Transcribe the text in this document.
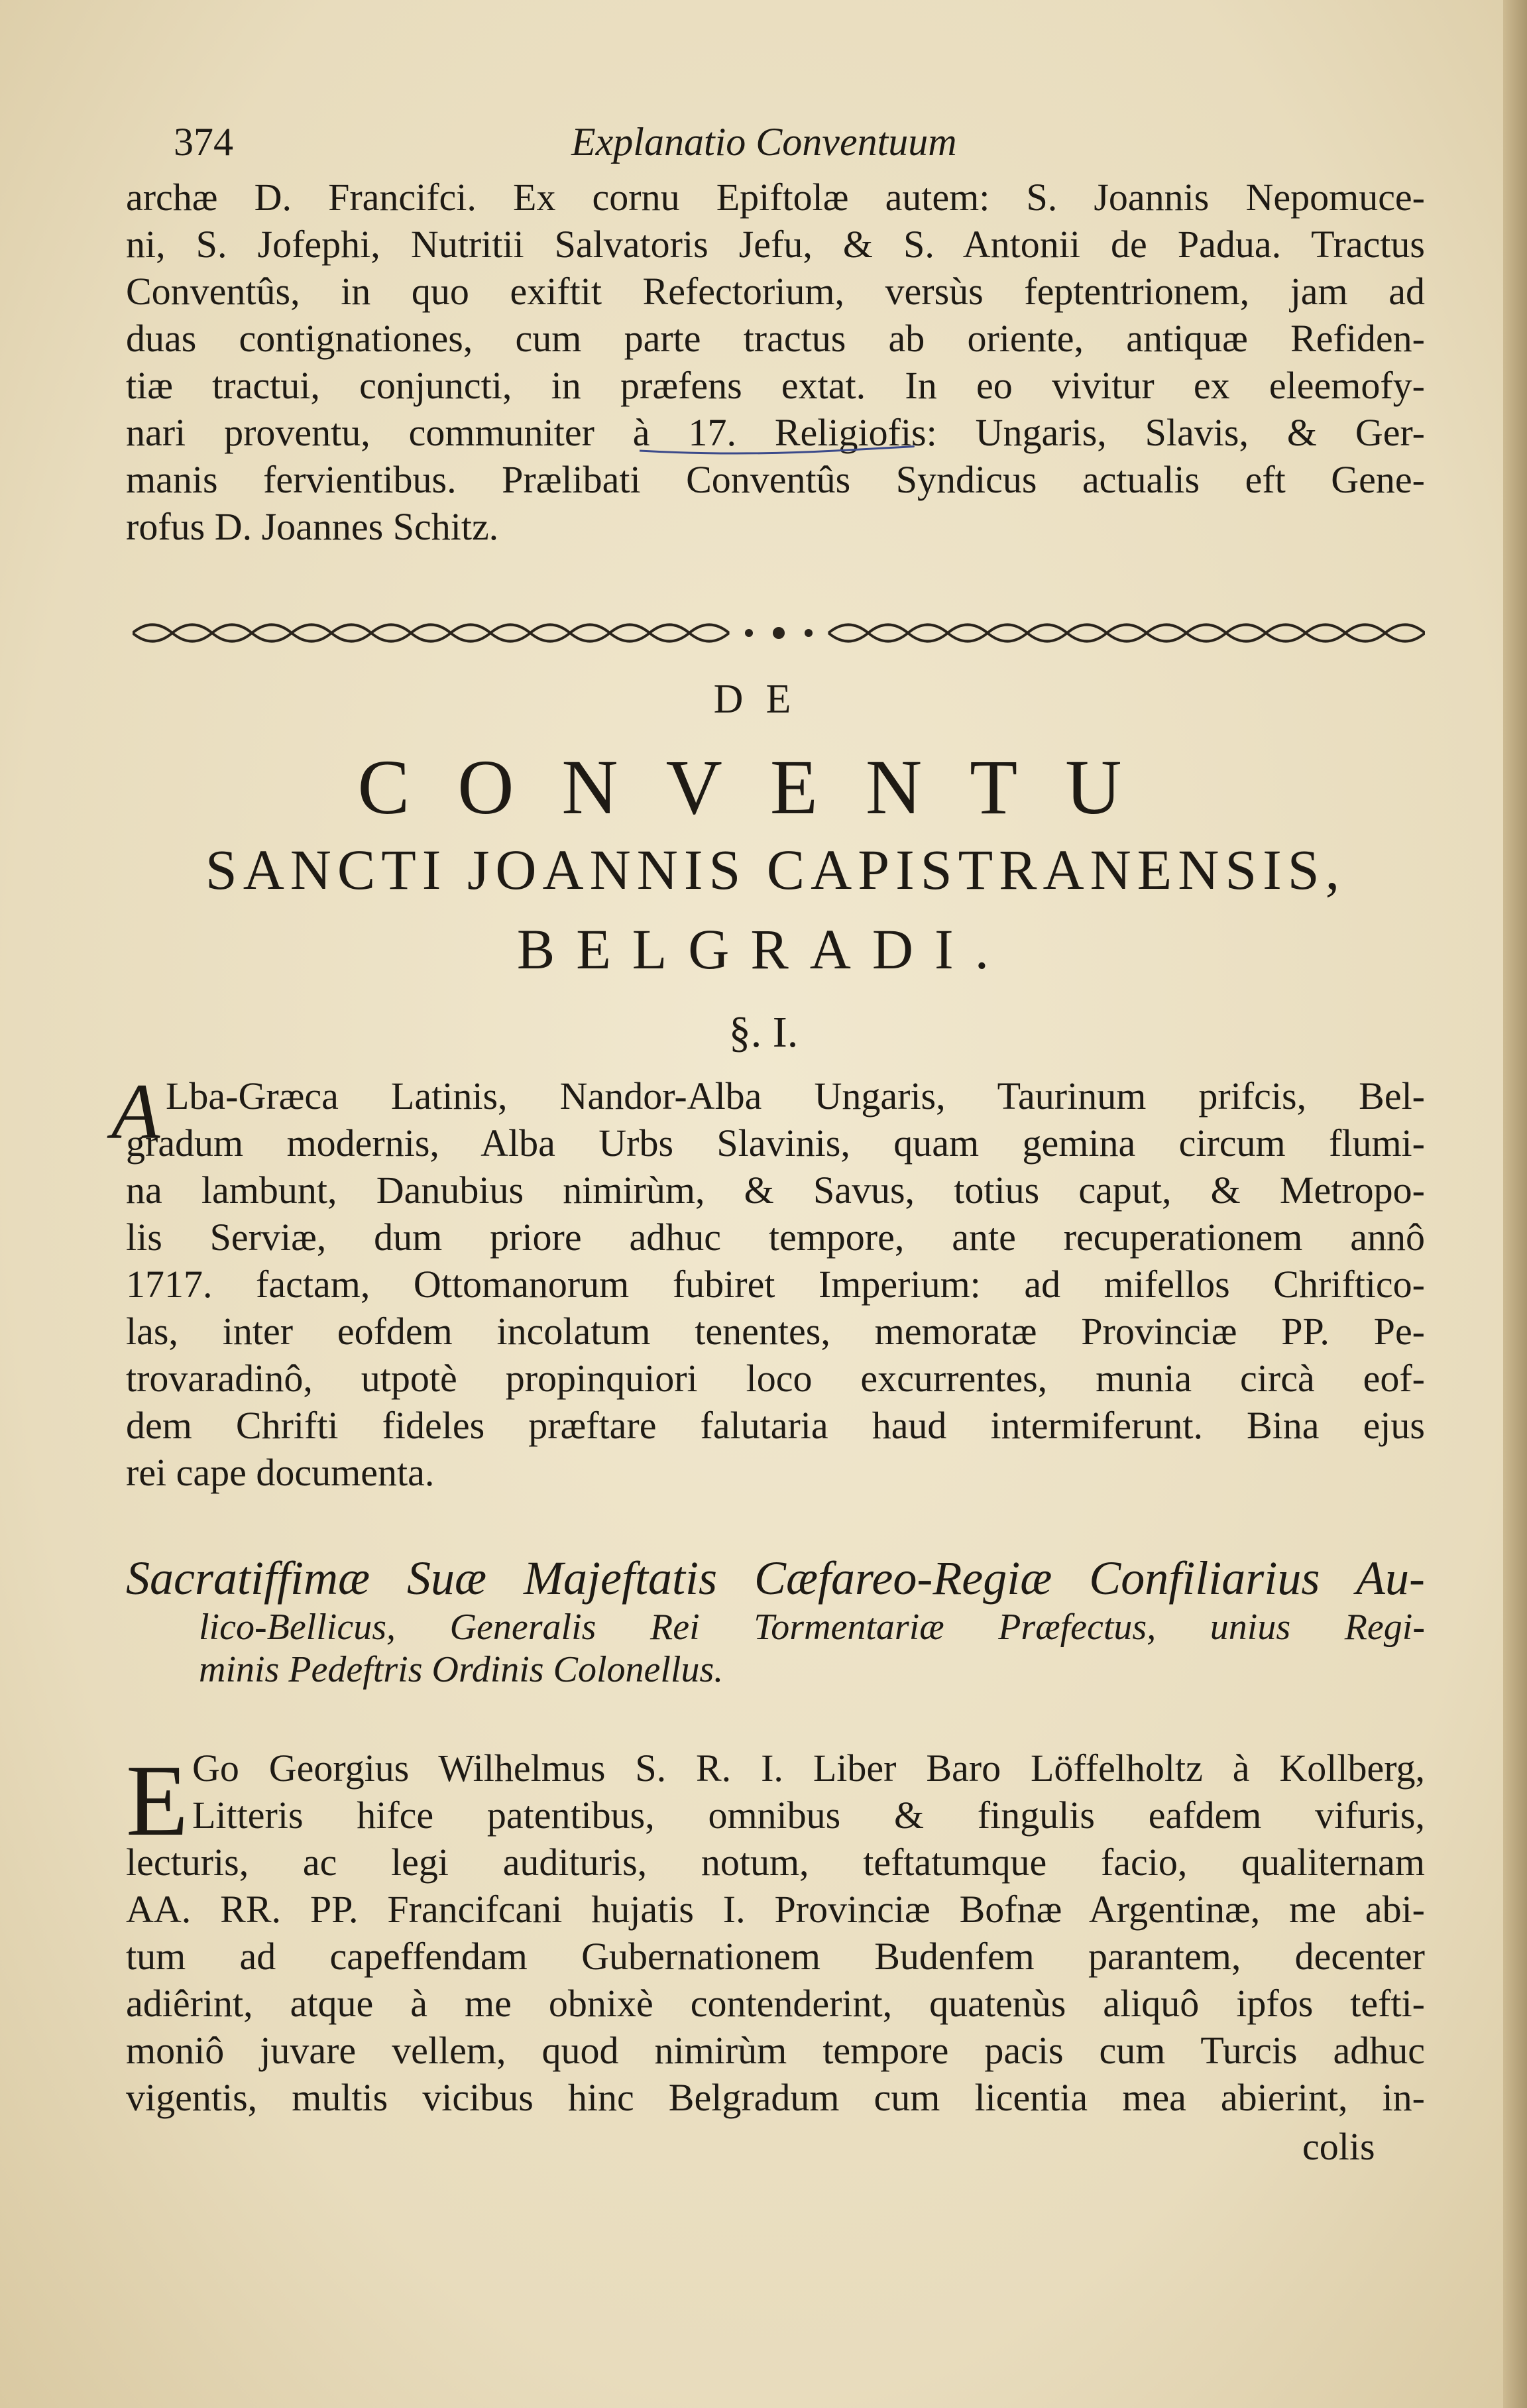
374	Explanatio Conventuum
archæ D. Francifci. Ex cornu Epiftolæ autem: S. Joannis Nepomuce-
ni, S. Jofephi, Nutritii Salvatoris Jefu, & S. Antonii de Padua. Tractus
Conventûs, in quo exiftit Refectorium, versùs feptentrionem, jam ad
duas contignationes, cum parte tractus ab oriente, antiquæ Refiden-
tiæ tractui, conjuncti, in præfens extat. In eo vivitur ex eleemofy-
nari proventu, communiter à 17. Religiofis: Ungaris, Slavis, & Ger-
manis fervientibus. Prælibati Conventûs Syndicus actualis eft Gene-
rofus D. Joannes Schitz.
DE
CONVENTU
SANCTI JOANNIS CAPISTRANENSIS,
BELGRADI.
§. I.
A Lba-Græca Latinis, Nandor-Alba Ungaris, Taurinum prifcis, Bel-
gradum modernis, Alba Urbs Slavinis, quam gemina circum flumi-
na lambunt, Danubius nimirùm, & Savus, totius caput, & Metropo-
lis Serviæ, dum priore adhuc tempore, ante recuperationem annô
1717. factam, Ottomanorum fubiret Imperium: ad mifellos Chriftico-
las, inter eofdem incolatum tenentes, memoratæ Provinciæ PP. Pe-
trovaradinô, utpotè propinquiori loco excurrentes, munia circà eof-
dem Chrifti fideles præftare falutaria haud intermiferunt. Bina ejus
rei cape documenta.
Sacratiffimæ Suæ Majeftatis Cæfareo-Regiæ Confiliarius Au-
lico-Bellicus, Generalis Rei Tormentariæ Præfectus, unius Regi-
minis Pedeftris Ordinis Colonellus.
E Go Georgius Wilhelmus S. R. I. Liber Baro Löffelholtz à Kollberg,
Litteris hifce patentibus, omnibus & fingulis eafdem vifuris,
lecturis, ac legi audituris, notum, teftatumque facio, qualiternam
AA. RR. PP. Francifcani hujatis I. Provinciæ Bofnæ Argentinæ, me abi-
tum ad capeffendam Gubernationem Budenfem parantem, decenter
adiêrint, atque à me obnixè contenderint, quatenùs aliquô ipfos tefti-
moniô juvare vellem, quod nimirùm tempore pacis cum Turcis adhuc
vigentis, multis vicibus hinc Belgradum cum licentia mea abierint, in-
colis
